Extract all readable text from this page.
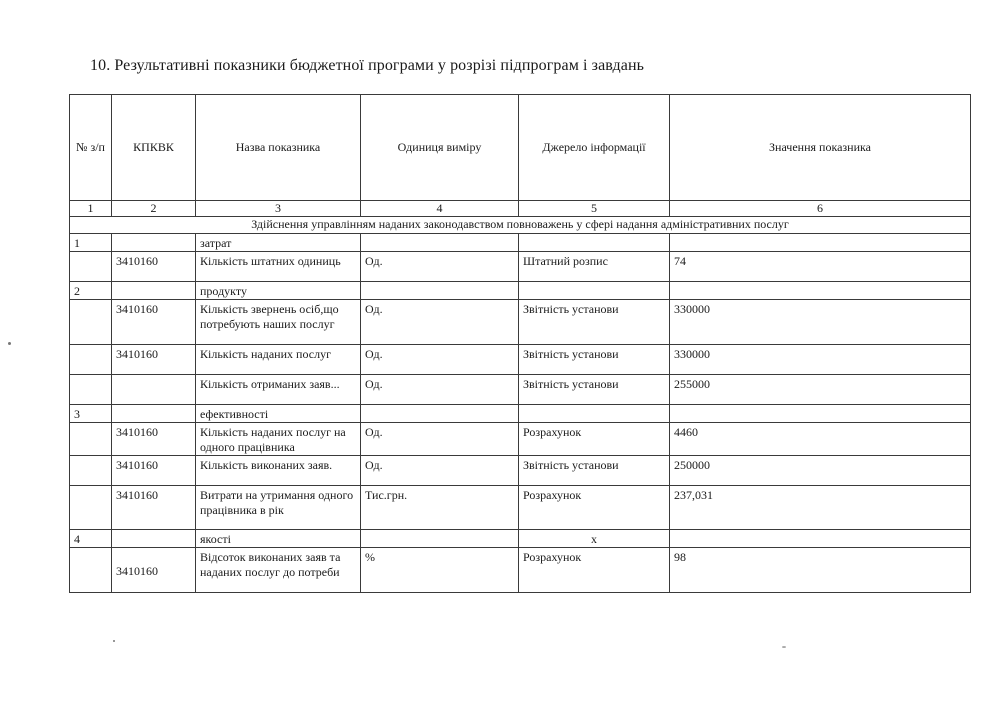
10. Результативні показники бюджетної програми у розрізі підпрограм і завдань
№ з/п	КПКВК	Назва показника	Одиниця виміру	Джерело інформації	Значення показника
1	2	3	4	5	6
Здійснення управлінням наданих законодавством повноважень у сфері надання адміністративних послуг					
1		затрат			
	3410160	Кількість штатних одиниць	Од.	Штатний розпис	74
2		продукту			
	3410160	Кількість звернень осіб,що потребують наших послуг	Од.	Звітність установи	330000
	3410160	Кількість наданих послуг	Од.	Звітність установи	330000
		Кількість отриманих заяв...	Од.	Звітність установи	255000
3		ефективності			
	3410160	Кількість наданих послуг на одного працівника	Од.	Розрахунок	4460
	3410160	Кількість виконаних заяв.	Од.	Звітність установи	250000
	3410160	Витрати на утримання одного працівника в рік	Тис.грн.	Розрахунок	237,031
4		якості		х	
	3410160	Відсоток виконаних заяв та наданих послуг до потреби	%	Розрахунок	98
